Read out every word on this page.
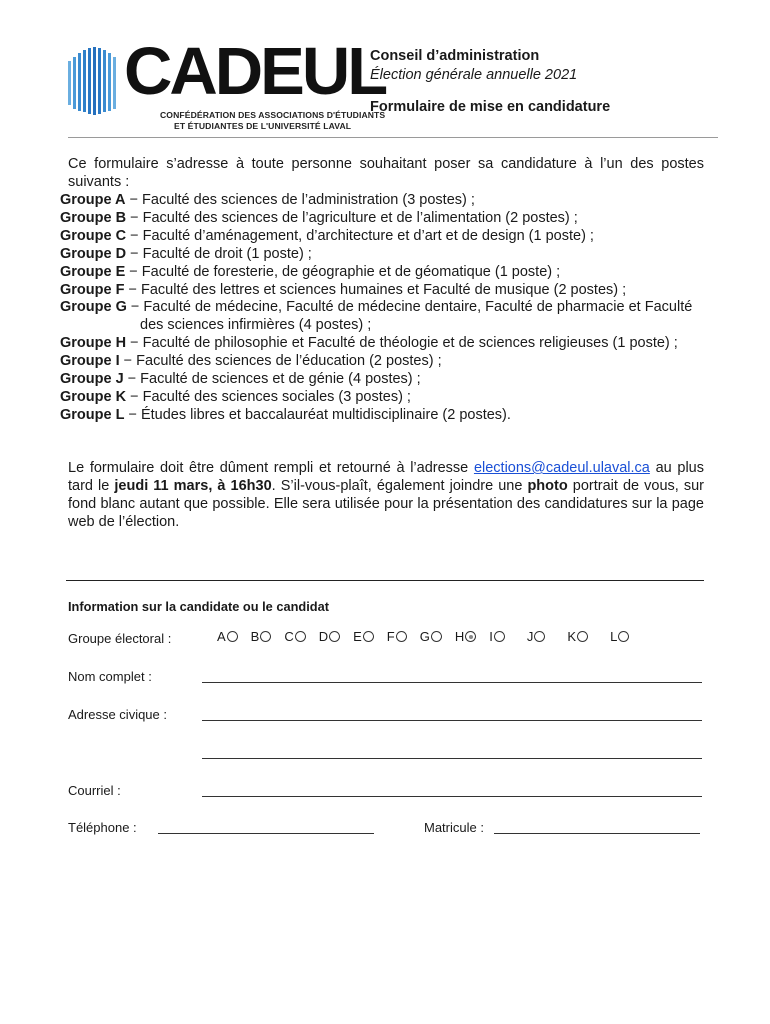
CADEUL
CONFÉDÉRATION DES ASSOCIATIONS D'ÉTUDIANTS
ET ÉTUDIANTES DE L'UNIVERSITÉ LAVAL
Conseil d’administration
Élection générale annuelle 2021
Formulaire de mise en candidature
Ce formulaire s’adresse à toute personne souhaitant poser sa candidature à l’un des postes suivants :
Groupe A
− Faculté des sciences de l’administration (3 postes) ;
Groupe B
− Faculté des sciences de l’agriculture et de l’alimentation (2 postes) ;
Groupe C
− Faculté d’aménagement, d’architecture et d’art et de design (1 poste) ;
Groupe D
− Faculté de droit (1 poste) ;
Groupe E
− Faculté de foresterie, de géographie et de géomatique (1 poste) ;
Groupe F
− Faculté des lettres et sciences humaines et Faculté de musique (2 postes) ;
Groupe G
− Faculté de médecine, Faculté de médecine dentaire, Faculté de pharmacie et Faculté
des sciences infirmières (4 postes) ;
Groupe H
− Faculté de philosophie et Faculté de théologie et de sciences religieuses (1 poste) ;
Groupe I
− Faculté des sciences de l’éducation (2 postes) ;
Groupe J
− Faculté de sciences et de génie (4 postes) ;
Groupe K
− Faculté des sciences sociales (3 postes) ;
Groupe L
− Études libres et baccalauréat multidisciplinaire (2 postes).
Le formulaire doit être dûment rempli et retourné à l’adresse elections@cadeul.ulaval.ca au plus tard le jeudi 11 mars, à 16h30. S’il-vous-plaît, également joindre une photo portrait de vous, sur fond blanc autant que possible. Elle sera utilisée pour la présentation des candidatures sur la page web de l’élection.
Information sur la candidate ou le candidat
Groupe électoral :	A B C D E F G H I	J	K	L
Nom complet :
Adresse civique :
Courriel :
Téléphone :	Matricule :
